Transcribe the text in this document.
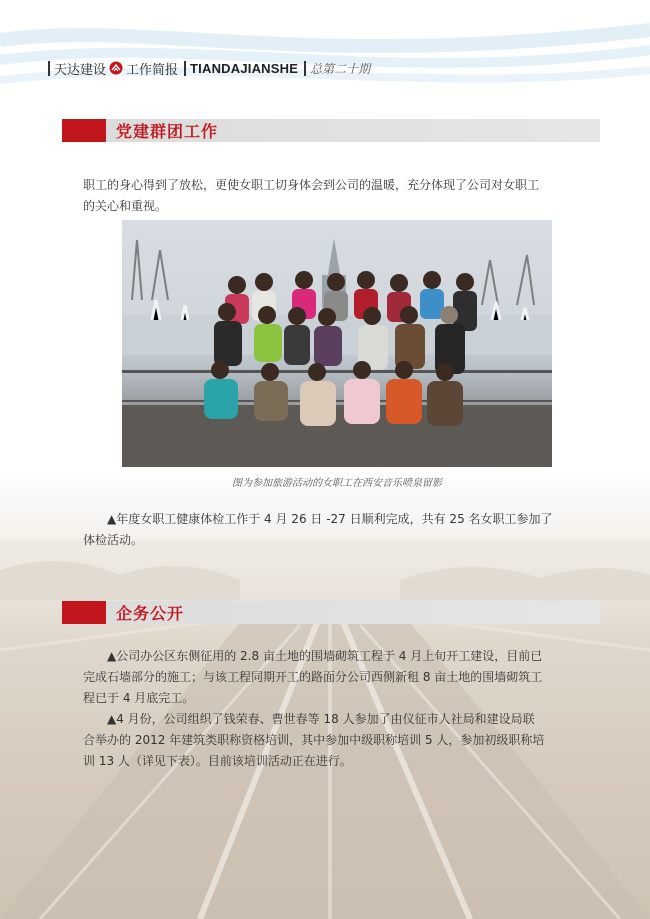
天达建设 工作简报 TIANDAJIANSHE 总第二十期
党建群团工作
职工的身心得到了放松，更使女职工切身体会到公司的温暖，充分体现了公司对女职工
的关心和重视。
图为参加旅游活动的女职工在西安音乐喷泉留影
▲年度女职工健康体检工作于 4 月 26 日 -27 日顺利完成，共有 25 名女职工参加了
体检活动。
企务公开
▲公司办公区东侧征用的 2.8 亩土地的围墙砌筑工程于 4 月上旬开工建设，目前已
完成石墙部分的施工；与该工程同期开工的路面分公司西侧新租 8 亩土地的围墙砌筑工
程已于 4 月底完工。
▲4 月份，公司组织了钱荣春、曹世春等 18 人参加了由仪征市人社局和建设局联
合举办的 2012 年建筑类职称资格培训，其中参加中级职称培训 5 人，参加初级职称培
训 13 人（详见下表）。目前该培训活动正在进行。
